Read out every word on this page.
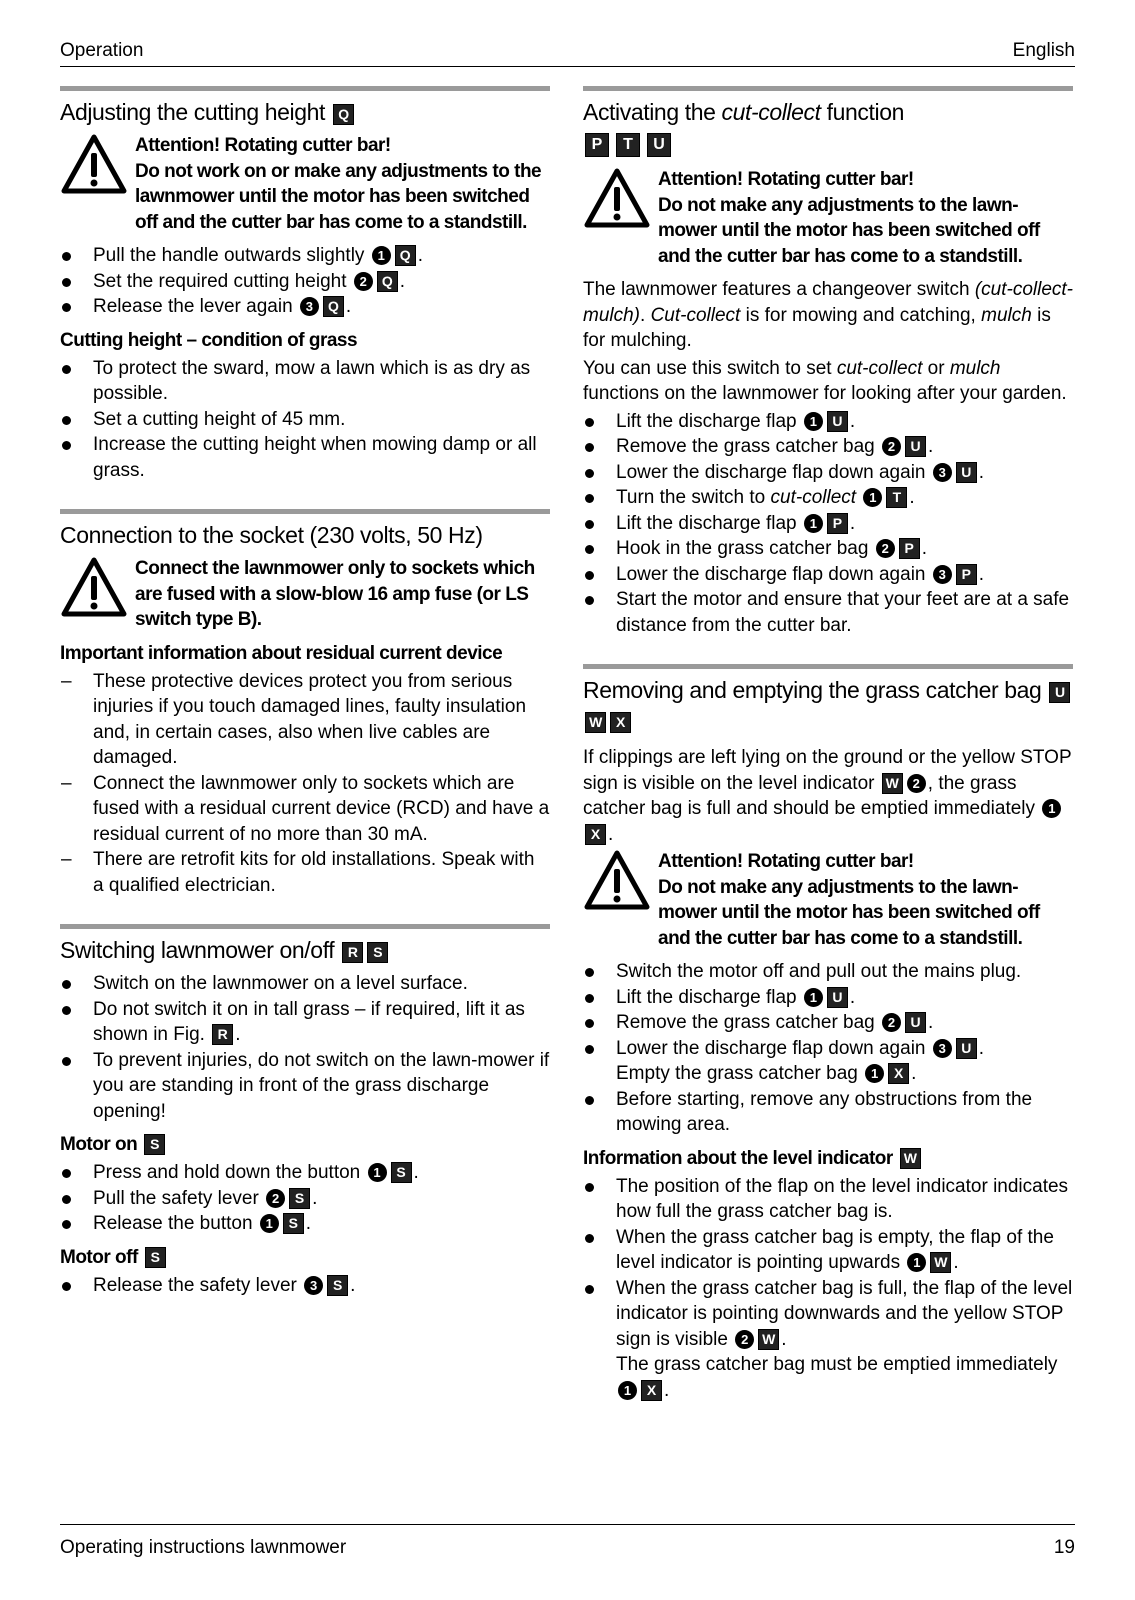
Operation	English
Adjusting the cutting height Q
Attention! Rotating cutter bar!
Do not work on or make any adjustments to the lawnmower until the motor has been switched off and the cutter bar has come to a standstill.
Pull the handle outwards slightly 1 Q .
Set the required cutting height 2 Q .
Release the lever again 3 Q .
Cutting height – condition of grass
To protect the sward, mow a lawn which is as dry as possible.
Set a cutting height of 45 mm.
Increase the cutting height when mowing damp or all grass.
Connection to the socket (230 volts, 50 Hz)
Connect the lawnmower only to sockets which are fused with a slow-blow 16 amp fuse (or LS switch type B).
Important information about residual current device
– These protective devices protect you from serious injuries if you touch damaged lines, faulty insulation and, in certain cases, also when live cables are damaged.
– Connect the lawnmower only to sockets which are fused with a residual current device (RCD) and have a residual current of no more than 30 mA.
– There are retrofit kits for old installations. Speak with a qualified electrician.
Switching lawnmower on/off R S
Switch on the lawnmower on a level surface.
Do not switch it on in tall grass – if required, lift it as shown in Fig. R .
To prevent injuries, do not switch on the lawn-mower if you are standing in front of the grass discharge opening!
Motor on S
Press and hold down the button 1 S .
Pull the safety lever 2 S .
Release the button 1 S .
Motor off S
Release the safety lever 3 S .
Activating the cut-collect function
P T U
Attention! Rotating cutter bar!
Do not make any adjustments to the lawn-mower until the motor has been switched off and the cutter bar has come to a standstill.

The lawnmower features a changeover switch (cut-collect-mulch). Cut-collect is for mowing and catching, mulch is for mulching.

You can use this switch to set cut-collect or mulch functions on the lawnmower for looking after your garden.

Lift the discharge flap 1 U .
Remove the grass catcher bag 2 U .
Lower the discharge flap down again 3 U .
Turn the switch to cut-collect 1 T .
Lift the discharge flap 1 P .
Hook in the grass catcher bag 2 P .
Lower the discharge flap down again 3 P .
Start the motor and ensure that your feet are at a safe distance from the cutter bar.
Removing and emptying the grass catcher bag UW X

If clippings are left lying on the ground or the yellow STOP sign is visible on the level indicator W 2 , the grass catcher bag is full and should be emptied immediately 1X .

Attention! Rotating cutter bar!
Do not make any adjustments to the lawn-mower until the motor has been switched off and the cutter bar has come to a standstill.
Switch the motor off and pull out the mains plug.
Lift the discharge flap 1 U .
Remove the grass catcher bag 2 U .
Lower the discharge flap down again 3 U .
Empty the grass catcher bag 1 X .
Before starting, remove any obstructions from the mowing area.
Information about the level indicator W
The position of the flap on the level indicator indicates how full the grass catcher bag is.
When the grass catcher bag is empty, the flap of the level indicator is pointing upwards 1 W .
When the grass catcher bag is full, the flap of the level indicator is pointing downwards and the yellow STOP sign is visible 2 W .
The grass catcher bag must be emptied immediately 1 X .
Operating instructions lawnmower	19
